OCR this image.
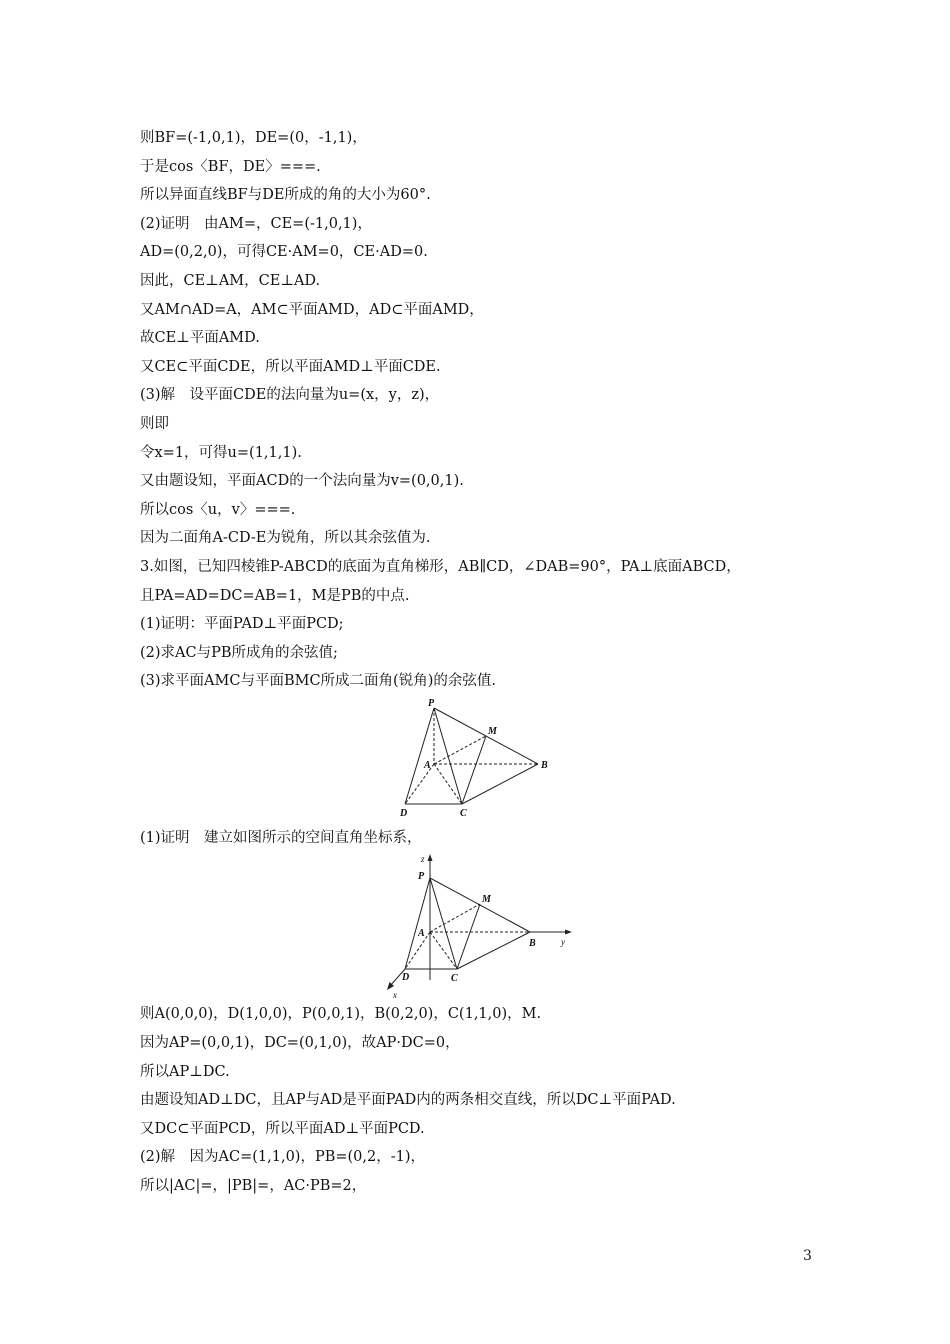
则BF=(-1,0,1)，DE=(0，-1,1)，
于是cos〈BF，DE〉===.
所以异面直线BF与DE所成的角的大小为60°.
(2)证明　由AM=，CE=(-1,0,1)，
AD=(0,2,0)，可得CE·AM=0，CE·AD=0.
因此，CE⊥AM，CE⊥AD.
又AM∩AD=A，AM⊂平面AMD，AD⊂平面AMD，
故CE⊥平面AMD.
又CE⊂平面CDE，所以平面AMD⊥平面CDE.
(3)解　设平面CDE的法向量为u=(x，y，z)，
则即
令x=1，可得u=(1,1,1).
又由题设知，平面ACD的一个法向量为v=(0,0,1).
所以cos〈u，v〉===.
因为二面角A-CD-E为锐角，所以其余弦值为.
3.如图，已知四棱锥P-ABCD的底面为直角梯形，AB∥CD，∠DAB=90°，PA⊥底面ABCD，
且PA=AD=DC=AB=1，M是PB的中点.
(1)证明：平面PAD⊥平面PCD;
(2)求AC与PB所成角的余弦值;
(3)求平面AMC与平面BMC所成二面角(锐角)的余弦值.
P
M
A	B
D	C
(1)证明　建立如图所示的空间直角坐标系，
z
P
M
A
B	y
D	C
x
则A(0,0,0)，D(1,0,0)，P(0,0,1)，B(0,2,0)，C(1,1,0)，M.
因为AP=(0,0,1)，DC=(0,1,0)，故AP·DC=0，
所以AP⊥DC.
由题设知AD⊥DC，且AP与AD是平面PAD内的两条相交直线，所以DC⊥平面PAD.
又DC⊂平面PCD，所以平面AD⊥平面PCD.
(2)解　因为AC=(1,1,0)，PB=(0,2，-1)，
所以|AC|=，|PB|=，AC·PB=2，
3
